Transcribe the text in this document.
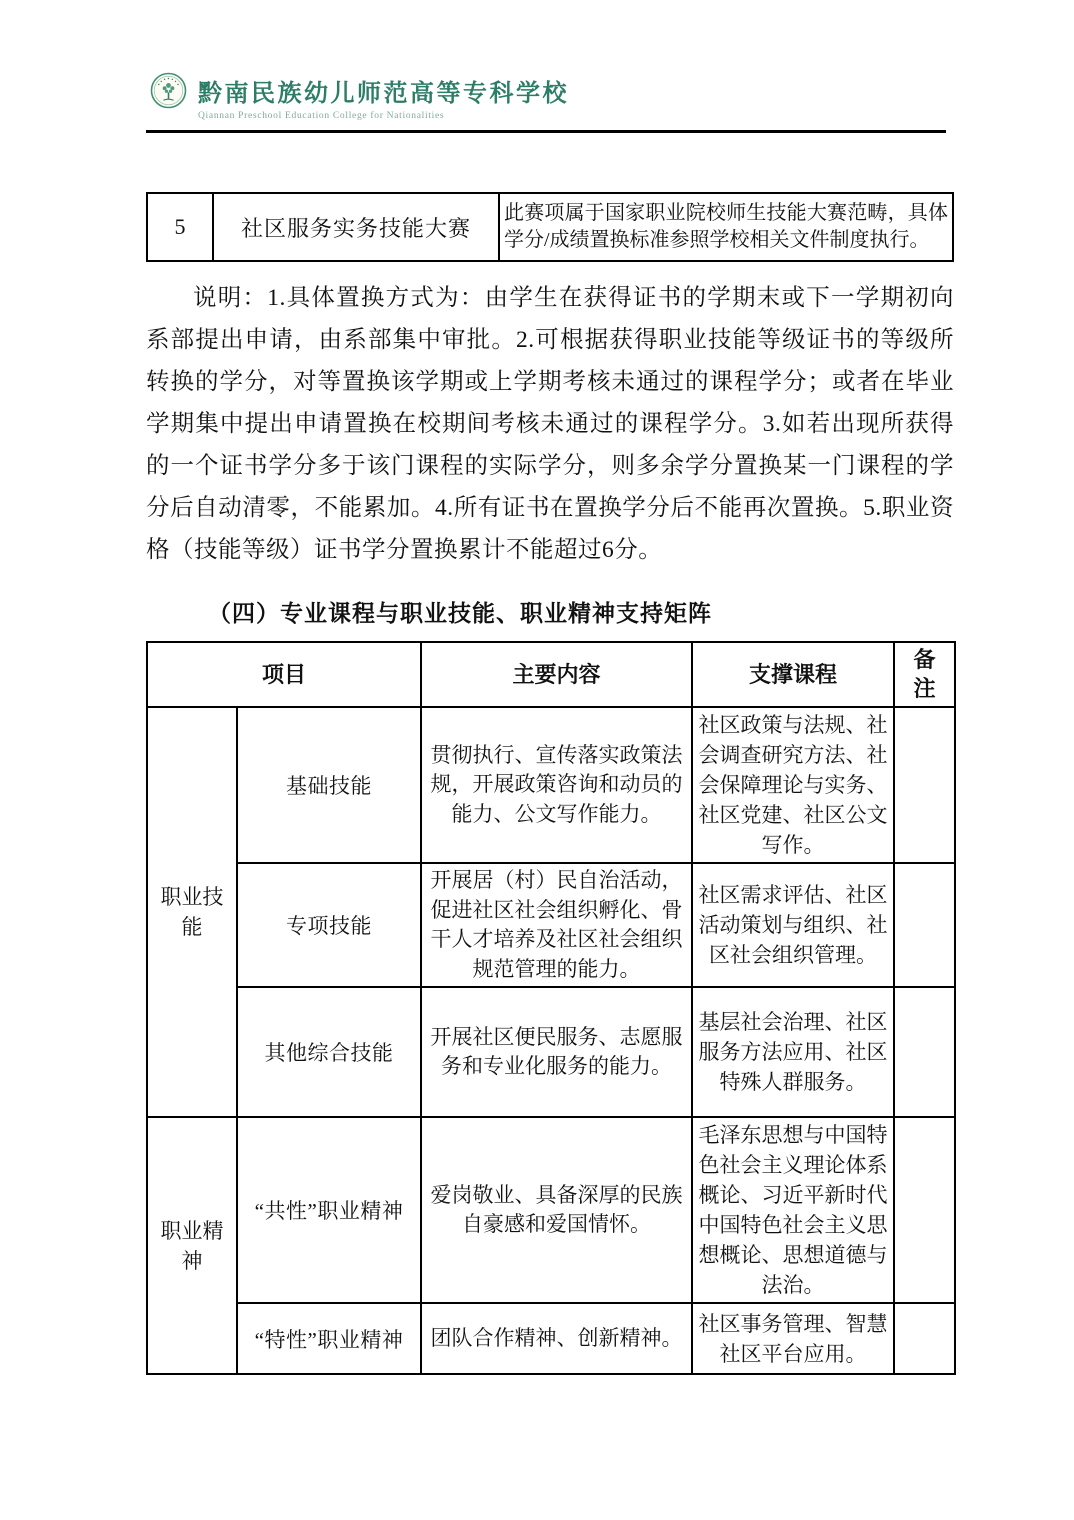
黔南民族幼儿师范高等专科学校
Qiannan Preschool Education College for Nationalities
5	社区服务实务技能大赛	此赛项属于国家职业院校师生技能大赛范畴，具体学分/成绩置换标准参照学校相关文件制度执行。

说明：1.具体置换方式为：由学生在获得证书的学期末或下一学期初向系部提出申请，由系部集中审批。2.可根据获得职业技能等级证书的等级所转换的学分，对等置换该学期或上学期考核未通过的课程学分；或者在毕业学期集中提出申请置换在校期间考核未通过的课程学分。3.如若出现所获得的一个证书学分多于该门课程的实际学分，则多余学分置换某一门课程的学分后自动清零，不能累加。4.所有证书在置换学分后不能再次置换。5.职业资格（技能等级）证书学分置换累计不能超过6分。

（四）专业课程与职业技能、职业精神支持矩阵
项目		主要内容	支撑课程	备注
职业技能	基础技能	贯彻执行、宣传落实政策法规，开展政策咨询和动员的能力、公文写作能力。	社区政策与法规、社会调查研究方法、社会保障理论与实务、社区党建、社区公文写作。	
	专项技能	开展居（村）民自治活动，促进社区社会组织孵化、骨干人才培养及社区社会组织规范管理的能力。	社区需求评估、社区活动策划与组织、社区社会组织管理。	
	其他综合技能	开展社区便民服务、志愿服务和专业化服务的能力。	基层社会治理、社区服务方法应用、社区特殊人群服务。	
职业精神	“共性”职业精神	爱岗敬业、具备深厚的民族自豪感和爱国情怀。	毛泽东思想与中国特色社会主义理论体系概论、习近平新时代中国特色社会主义思想概论、思想道德与法治。	
	“特性”职业精神	团队合作精神、创新精神。	社区事务管理、智慧社区平台应用。	
